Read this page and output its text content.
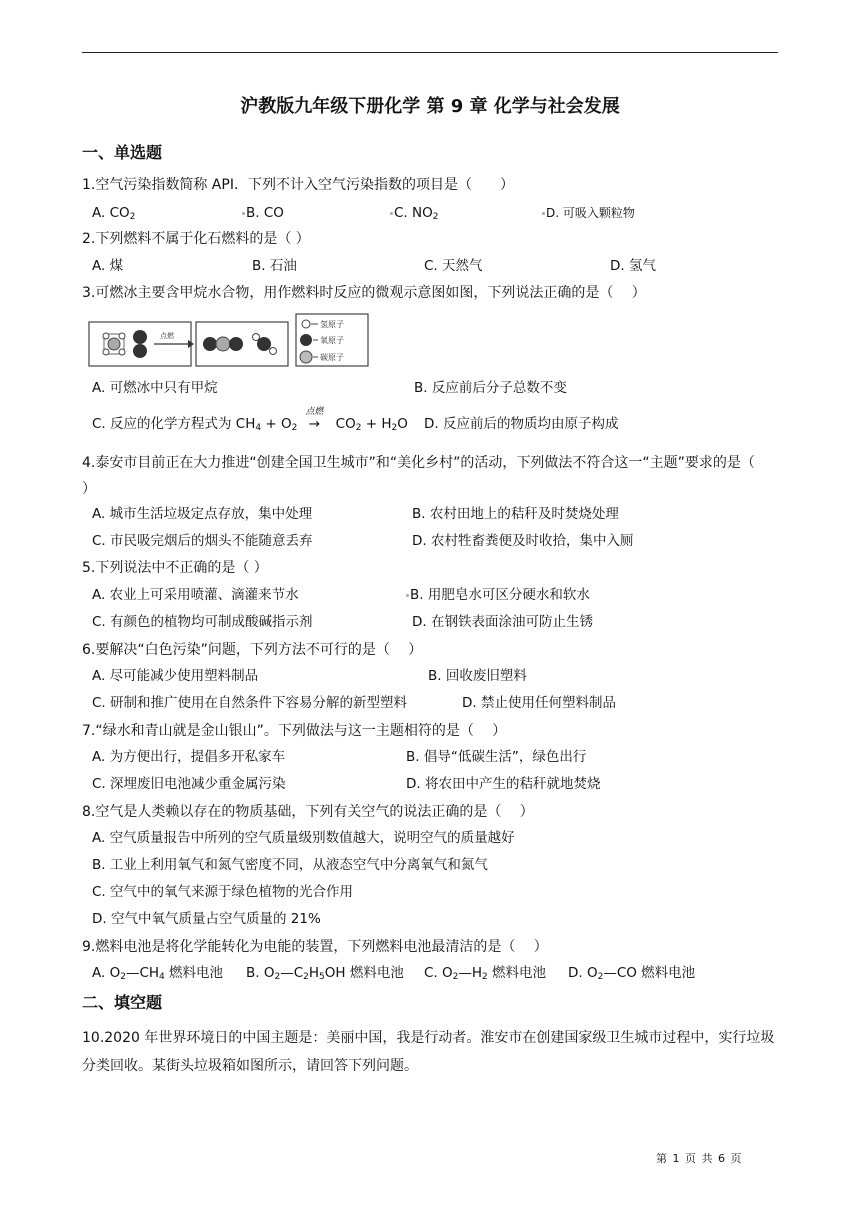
沪教版九年级下册化学 第 9 章 化学与社会发展
一、单选题
1.空气污染指数简称 API．下列不计入空气污染指数的项目是（　　）
A. $CO_2$	B. CO	C. $NO_2$	D. 可吸入颗粒物
2.下列燃料不属于化石燃料的是（ ）
A. 煤	B. 石油	C. 天然气	D. 氢气
3.可燃冰主要含甲烷水合物，用作燃料时反应的微观示意图如图，下列说法正确的是（　 ）
点燃
氢原子
氧原子
碳原子
A. 可燃冰中只有甲烷	B. 反应前后分子总数不变
C. 反应的化学方程式为 $CH_4 + O_2$
点燃
→ $CO_2 + H_2O$ D. 反应前后的物质均由原子构成
4.泰安市目前正在大力推进“创建全国卫生城市”和“美化乡村”的活动，下列做法不符合这一“主题”要求的是（　 ）
A. 城市生活垃圾定点存放，集中处理	B. 农村田地上的秸秆及时焚烧处理
C. 市民吸完烟后的烟头不能随意丢弃	D. 农村牲畜粪便及时收拾，集中入厕
5.下列说法中不正确的是（ ）
A. 农业上可采用喷灌、滴灌来节水	B. 用肥皂水可区分硬水和软水
C. 有颜色的植物均可制成酸碱指示剂	D. 在钢铁表面涂油可防止生锈
6.要解决“白色污染”问题，下列方法不可行的是（　 ）
A. 尽可能减少使用塑料制品	B. 回收废旧塑料
C. 研制和推广使用在自然条件下容易分解的新型塑料	D. 禁止使用任何塑料制品
7.“绿水和青山就是金山银山”。下列做法与这一主题相符的是（　 ）
A. 为方便出行，提倡多开私家车	B. 倡导“低碳生活”，绿色出行
C. 深埋废旧电池减少重金属污染	D. 将农田中产生的秸秆就地焚烧
8.空气是人类赖以存在的物质基础，下列有关空气的说法正确的是（　 ）
A. 空气质量报告中所列的空气质量级别数值越大，说明空气的质量越好
B. 工业上利用氧气和氮气密度不同，从液态空气中分离氧气和氮气
C. 空气中的氧气来源于绿色植物的光合作用
D. 空气中氧气质量占空气质量的 21%
9.燃料电池是将化学能转化为电能的装置，下列燃料电池最清洁的是（　 ）
A. $O_2—CH_4$ 燃料电池 B. $O_2—C_2H_5OH$ 燃料电池 C. $O_2—H_2$ 燃料电池 D. $O_2—CO$ 燃料电池
二、填空题
10.2020 年世界环境日的中国主题是：美丽中国，我是行动者。淮安市在创建国家级卫生城市过程中，实行垃圾分类回收。某街头垃圾箱如图所示，请回答下列问题。
第 1 页 共 6 页
